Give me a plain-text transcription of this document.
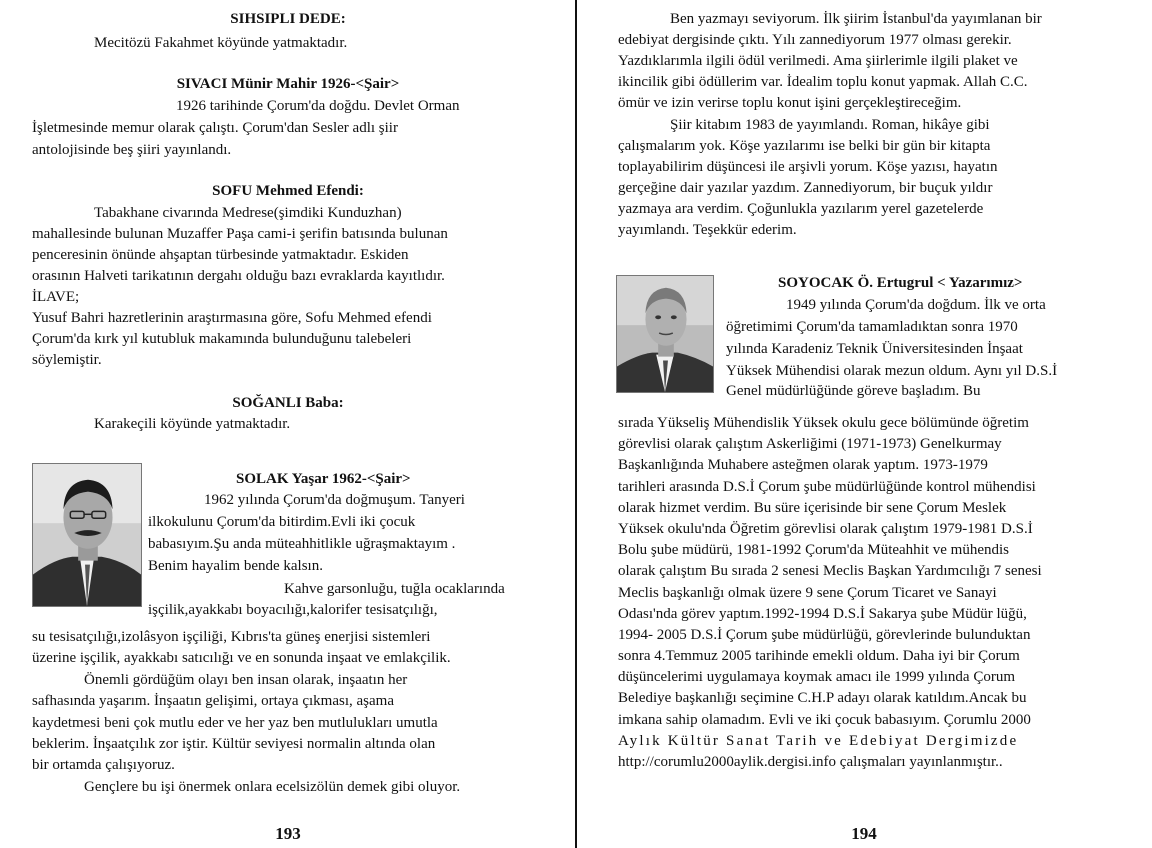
SIHSIPLI DEDE:
Mecitözü Fakahmet köyünde yatmaktadır.
SIVACI Münir Mahir 1926-<Şair>
1926 tarihinde Çorum'da doğdu. Devlet Orman
İşletmesinde memur olarak çalıştı. Çorum'dan Sesler adlı şiir
antolojisinde beş şiiri yayınlandı.
SOFU Mehmed Efendi:
Tabakhane civarında Medrese(şimdiki Kunduzhan)
mahallesinde bulunan Muzaffer Paşa cami-i şerifin batısında bulunan
penceresinin önünde ahşaptan türbesinde yatmaktadır. Eskiden
orasının Halveti tarikatının dergahı olduğu bazı evraklarda kayıtlıdır.
İLAVE;
Yusuf Bahri hazretlerinin araştırmasına göre, Sofu Mehmed efendi
Çorum'da kırk yıl kutubluk makamında bulunduğunu talebeleri
söylemiştir.
SOĞANLI Baba:
Karakeçili köyünde yatmaktadır.
SOLAK Yaşar 1962-<Şair>
1962 yılında Çorum'da doğmuşum. Tanyeri
ilkokulunu Çorum'da bitirdim.Evli iki çocuk
babasıyım.Şu anda müteahhitlikle uğraşmaktayım .
Benim hayalim bende kalsın.
Kahve garsonluğu, tuğla ocaklarında
işçilik,ayakkabı boyacılığı,kalorifer tesisatçılığı,
su tesisatçılığı,izolâsyon işçiliği, Kıbrıs'ta güneş enerjisi sistemleri
üzerine işçilik, ayakkabı satıcılığı ve en sonunda inşaat ve emlakçilik.
Önemli gördüğüm olayı ben insan olarak, inşaatın her
safhasında yaşarım. İnşaatın gelişimi, ortaya çıkması, aşama
kaydetmesi beni çok mutlu eder ve her yaz ben mutlulukları umutla
beklerim. İnşaatçılık zor iştir. Kültür seviyesi normalin altında olan
bir ortamda çalışıyoruz.
Gençlere bu işi önermek onlara ecelsizölün demek gibi oluyor.
193
Ben yazmayı seviyorum. İlk şiirim İstanbul'da yayımlanan bir
edebiyat dergisinde çıktı. Yılı zannediyorum 1977 olması gerekir.
Yazdıklarımla ilgili ödül verilmedi. Ama şiirlerimle ilgili plaket ve
ikincilik gibi ödüllerim var. İdealim toplu konut yapmak. Allah C.C.
ömür ve izin verirse toplu konut işini gerçekleştireceğim.
Şiir kitabım 1983 de yayımlandı. Roman, hikâye gibi
çalışmalarım yok. Köşe yazılarımı ise belki bir gün bir kitapta
toplayabilirim düşüncesi ile arşivli yorum. Köşe yazısı, hayatın
gerçeğine dair yazılar yazdım. Zannediyorum, bir buçuk yıldır
yazmaya ara verdim. Çoğunlukla yazılarım yerel gazetelerde
yayımlandı. Teşekkür ederim.
SOYOCAK Ö. Ertugrul < Yazarımız>
1949 yılında Çorum'da doğdum. İlk ve orta
öğretimimi Çorum'da tamamladıktan sonra 1970
yılında Karadeniz Teknik Üniversitesinden İnşaat
Yüksek Mühendisi olarak mezun oldum. Aynı yıl D.S.İ
Genel müdürlüğünde göreve başladım. Bu
sırada Yükseliş Mühendislik Yüksek okulu gece bölümünde öğretim
görevlisi olarak çalıştım Askerliğimi (1971-1973) Genelkurmay
Başkanlığında Muhabere asteğmen olarak yaptım. 1973-1979
tarihleri arasında D.S.İ Çorum şube müdürlüğünde kontrol mühendisi
olarak hizmet verdim. Bu süre içerisinde bir sene Çorum Meslek
Yüksek okulu'nda Öğretim görevlisi olarak çalıştım 1979-1981 D.S.İ
Bolu şube müdürü, 1981-1992 Çorum'da Müteahhit ve mühendis
olarak çalıştım Bu sırada 2 senesi Meclis Başkan Yardımcılığı 7 senesi
Meclis başkanlığı olmak üzere 9 sene Çorum Ticaret ve Sanayi
Odası'nda görev yaptım.1992-1994 D.S.İ Sakarya şube Müdür lüğü,
1994- 2005 D.S.İ Çorum şube müdürlüğü, görevlerinde bulunduktan
sonra 4.Temmuz 2005 tarihinde emekli oldum. Daha iyi bir Çorum
düşüncelerimi uygulamaya koymak amacı ile 1999 yılında Çorum
Belediye başkanlığı seçimine C.H.P adayı olarak katıldım.Ancak bu
imkana sahip olamadım. Evli ve iki çocuk babasıyım. Çorumlu 2000
Aylık Kültür Sanat Tarih ve Edebiyat Dergimizde
http://corumlu2000aylik.dergisi.info çalışmaları yayınlanmıştır..
194
